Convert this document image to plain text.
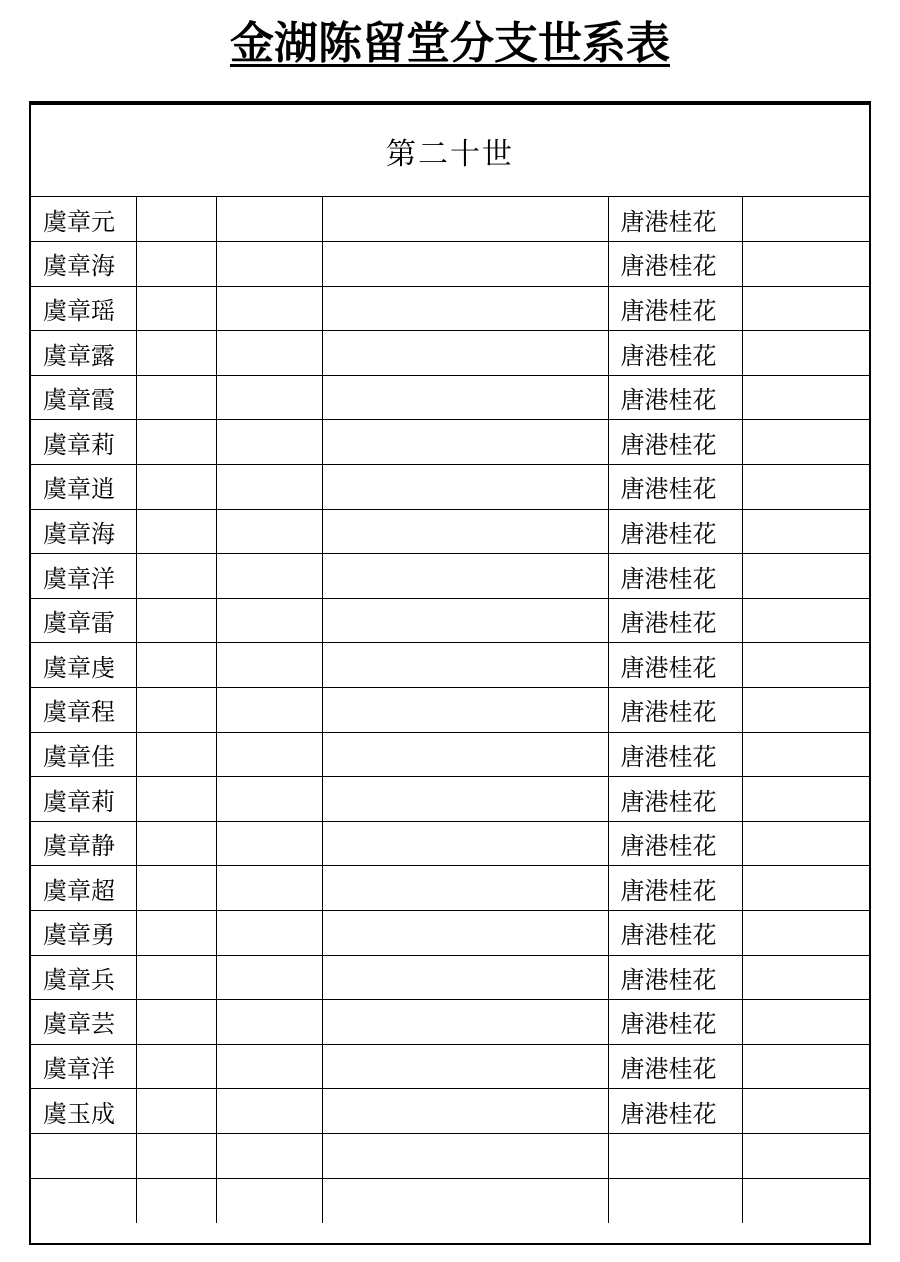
金湖陈留堂分支世系表
第二十世
虞章元				唐港桂花	
虞章海				唐港桂花	
虞章瑶				唐港桂花	
虞章露				唐港桂花	
虞章霞				唐港桂花	
虞章莉				唐港桂花	
虞章逍				唐港桂花	
虞章海				唐港桂花	
虞章洋				唐港桂花	
虞章雷				唐港桂花	
虞章虔				唐港桂花	
虞章程				唐港桂花	
虞章佳				唐港桂花	
虞章莉				唐港桂花	
虞章静				唐港桂花	
虞章超				唐港桂花	
虞章勇				唐港桂花	
虞章兵				唐港桂花	
虞章芸				唐港桂花	
虞章洋				唐港桂花	
虞玉成				唐港桂花	
